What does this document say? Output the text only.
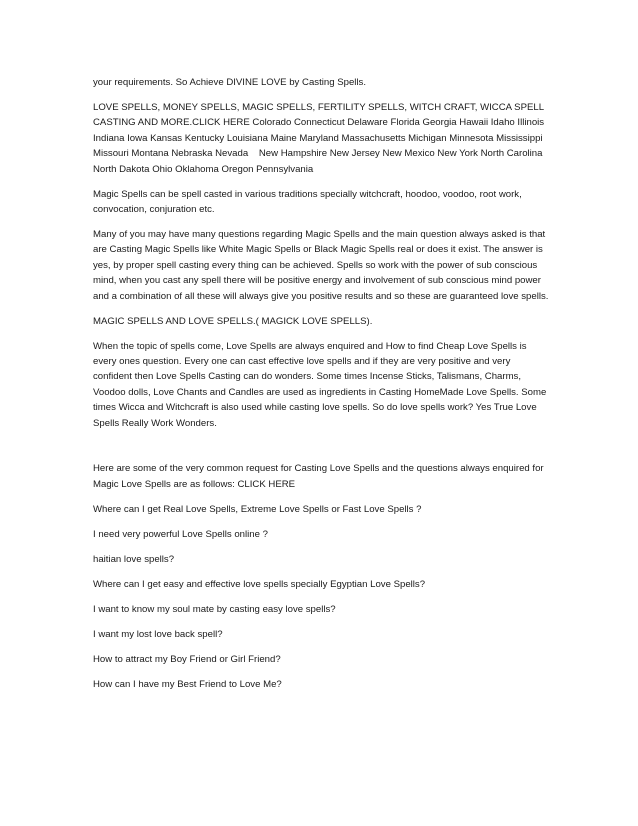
your requirements. So Achieve DIVINE LOVE by Casting Spells.

LOVE SPELLS, MONEY SPELLS, MAGIC SPELLS, FERTILITY SPELLS, WITCH CRAFT, WICCA SPELL CASTING AND MORE.CLICK HERE Colorado Connecticut Delaware Florida Georgia Hawaii Idaho Illinois Indiana Iowa Kansas Kentucky Louisiana Maine Maryland Massachusetts Michigan Minnesota Mississippi Missouri Montana Nebraska Nevada    New Hampshire New Jersey New Mexico New York North Carolina North Dakota Ohio Oklahoma Oregon Pennsylvania

Magic Spells can be spell casted in various traditions specially witchcraft, hoodoo, voodoo, root work, convocation, conjuration etc.

Many of you may have many questions regarding Magic Spells and the main question always asked is that are Casting Magic Spells like White Magic Spells or Black Magic Spells real or does it exist. The answer is yes, by proper spell casting every thing can be achieved. Spells so work with the power of sub conscious mind, when you cast any spell there will be positive energy and involvement of sub conscious mind power and a combination of all these will always give you positive results and so these are guaranteed love spells.

MAGIC SPELLS AND LOVE SPELLS.( MAGICK LOVE SPELLS).

When the topic of spells come, Love Spells are always enquired and How to find Cheap Love Spells is every ones question. Every one can cast effective love spells and if they are very positive and very confident then Love Spells Casting can do wonders. Some times Incense Sticks, Talismans, Charms, Voodoo dolls, Love Chants and Candles are used as ingredients in Casting HomeMade Love Spells. Some times Wicca and Witchcraft is also used while casting love spells. So do love spells work? Yes True Love Spells Really Work Wonders.

Here are some of the very common request for Casting Love Spells and the questions always enquired for Magic Love Spells are as follows: CLICK HERE

Where can I get Real Love Spells, Extreme Love Spells or Fast Love Spells ?

I need very powerful Love Spells online ?

haitian love spells?

Where can I get easy and effective love spells specially Egyptian Love Spells?

I want to know my soul mate by casting easy love spells?

I want my lost love back spell?

How to attract my Boy Friend or Girl Friend?

How can I have my Best Friend to Love Me?
